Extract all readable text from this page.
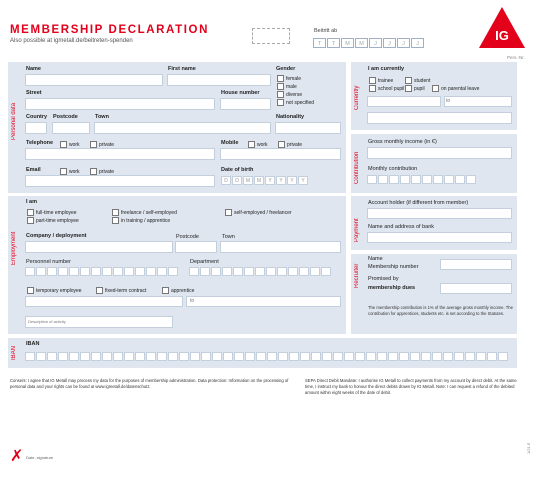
MEMBERSHIP DECLARATION
Also possible at igmetall.de/beitreten-spenden
Beitritt ab
T	T	M	M	J	J	J	J
Pers.-Nr.
IG
Personal data
Name	First name	Gender
female
male
diverse
not specified
Street	House number
Country Postcode	Town	Nationality
Telephone	work	private	Mobile	work	private
Email	work	private	Date of birth
D	D	M	M	Y	Y	Y	Y
Employment
I am
full-time employee
part-time employee
freelance / self-employed
in training / apprentice
self-employed / freelancer
Company / deployment	Postcode	Town
Personnel number	Department
temporary employee	fixed-term contract	apprentice
to
Description of activity
Currently
I am currently
trainee	student
school pupil pupil	on parental leave
to
Contribution
Gross monthly income (in €)
Monthly contribution
Payment
Account holder (if different from member)
Name and address of bank
Recruiter
Name
Membership number
Promised by
membership dues
The membership contribution is 1% of the average gross monthly income. The contribution for apprentices, students etc. is set according to the Statutes.
IBAN
IBAN
Consent: I agree that IG Metall may process my data for the purposes of membership administration. Data protection: Information on the processing of personal data and your rights can be found at www.igmetall.de/datenschutz.
SEPA Direct Debit Mandate: I authorise IG Metall to collect payments from my account by direct debit. At the same time, I instruct my bank to honour the direct debits drawn by IG Metall. Note: I can request a refund of the debited amount within eight weeks of the date of debit.
✗ Date, signature
1/21 E
